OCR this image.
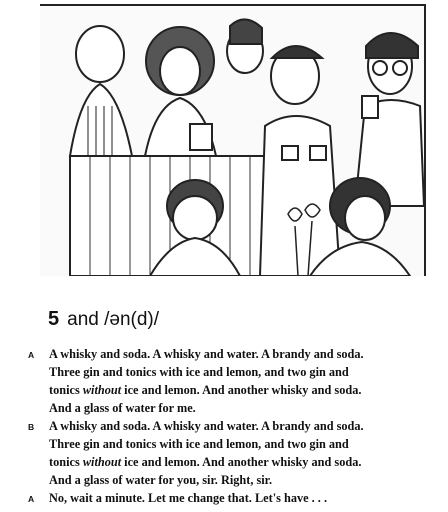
5 and /ən(d)/
A A whisky and soda. A whisky and water. A brandy and soda.
Three gin and tonics with ice and lemon, and two gin and
tonics without ice and lemon. And another whisky and soda.
And a glass of water for me.
B A whisky and soda. A whisky and water. A brandy and soda.
Three gin and tonics with ice and lemon, and two gin and
tonics without ice and lemon. And another whisky and soda.
And a glass of water for you, sir. Right, sir.
A No, wait a minute. Let me change that. Let's have . . .
